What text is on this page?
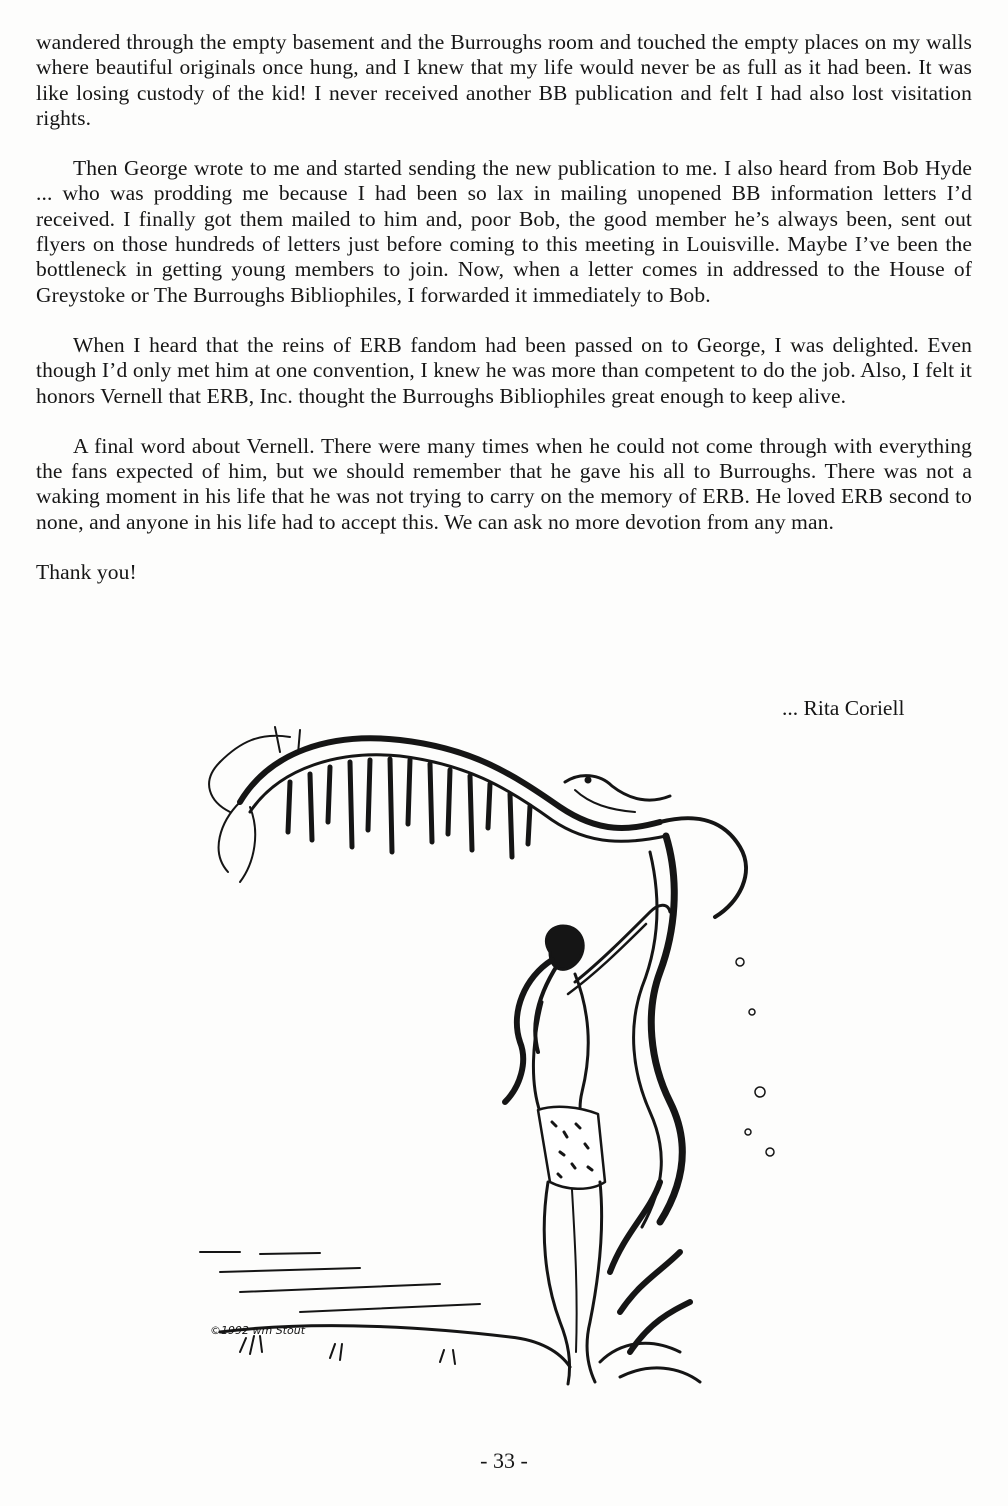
wandered through the empty basement and the Burroughs room and touched the empty places on my walls where beautiful originals once hung, and I knew that my life would never be as full as it had been. It was like losing custody of the kid! I never received another BB publication and felt I had also lost visitation rights.

Then George wrote to me and started sending the new publication to me. I also heard from Bob Hyde ... who was prodding me because I had been so lax in mailing unopened BB information letters I’d received. I finally got them mailed to him and, poor Bob, the good member he’s always been, sent out flyers on those hundreds of letters just before coming to this meeting in Louisville. Maybe I’ve been the bottleneck in getting young members to join. Now, when a letter comes in addressed to the House of Greystoke or The Burroughs Bibliophiles, I forwarded it immediately to Bob.

When I heard that the reins of ERB fandom had been passed on to George, I was delighted. Even though I’d only met him at one convention, I knew he was more than competent to do the job. Also, I felt it honors Vernell that ERB, Inc. thought the Burroughs Bibliophiles great enough to keep alive.

A final word about Vernell. There were many times when he could not come through with everything the fans expected of him, but we should remember that he gave his all to Burroughs. There was not a waking moment in his life that he was not trying to carry on the memory of ERB. He loved ERB second to none, and anyone in his life had to accept this. We can ask no more devotion from any man.

Thank you!

... Rita Coriell
©1992 wm Stout
- 33 -
